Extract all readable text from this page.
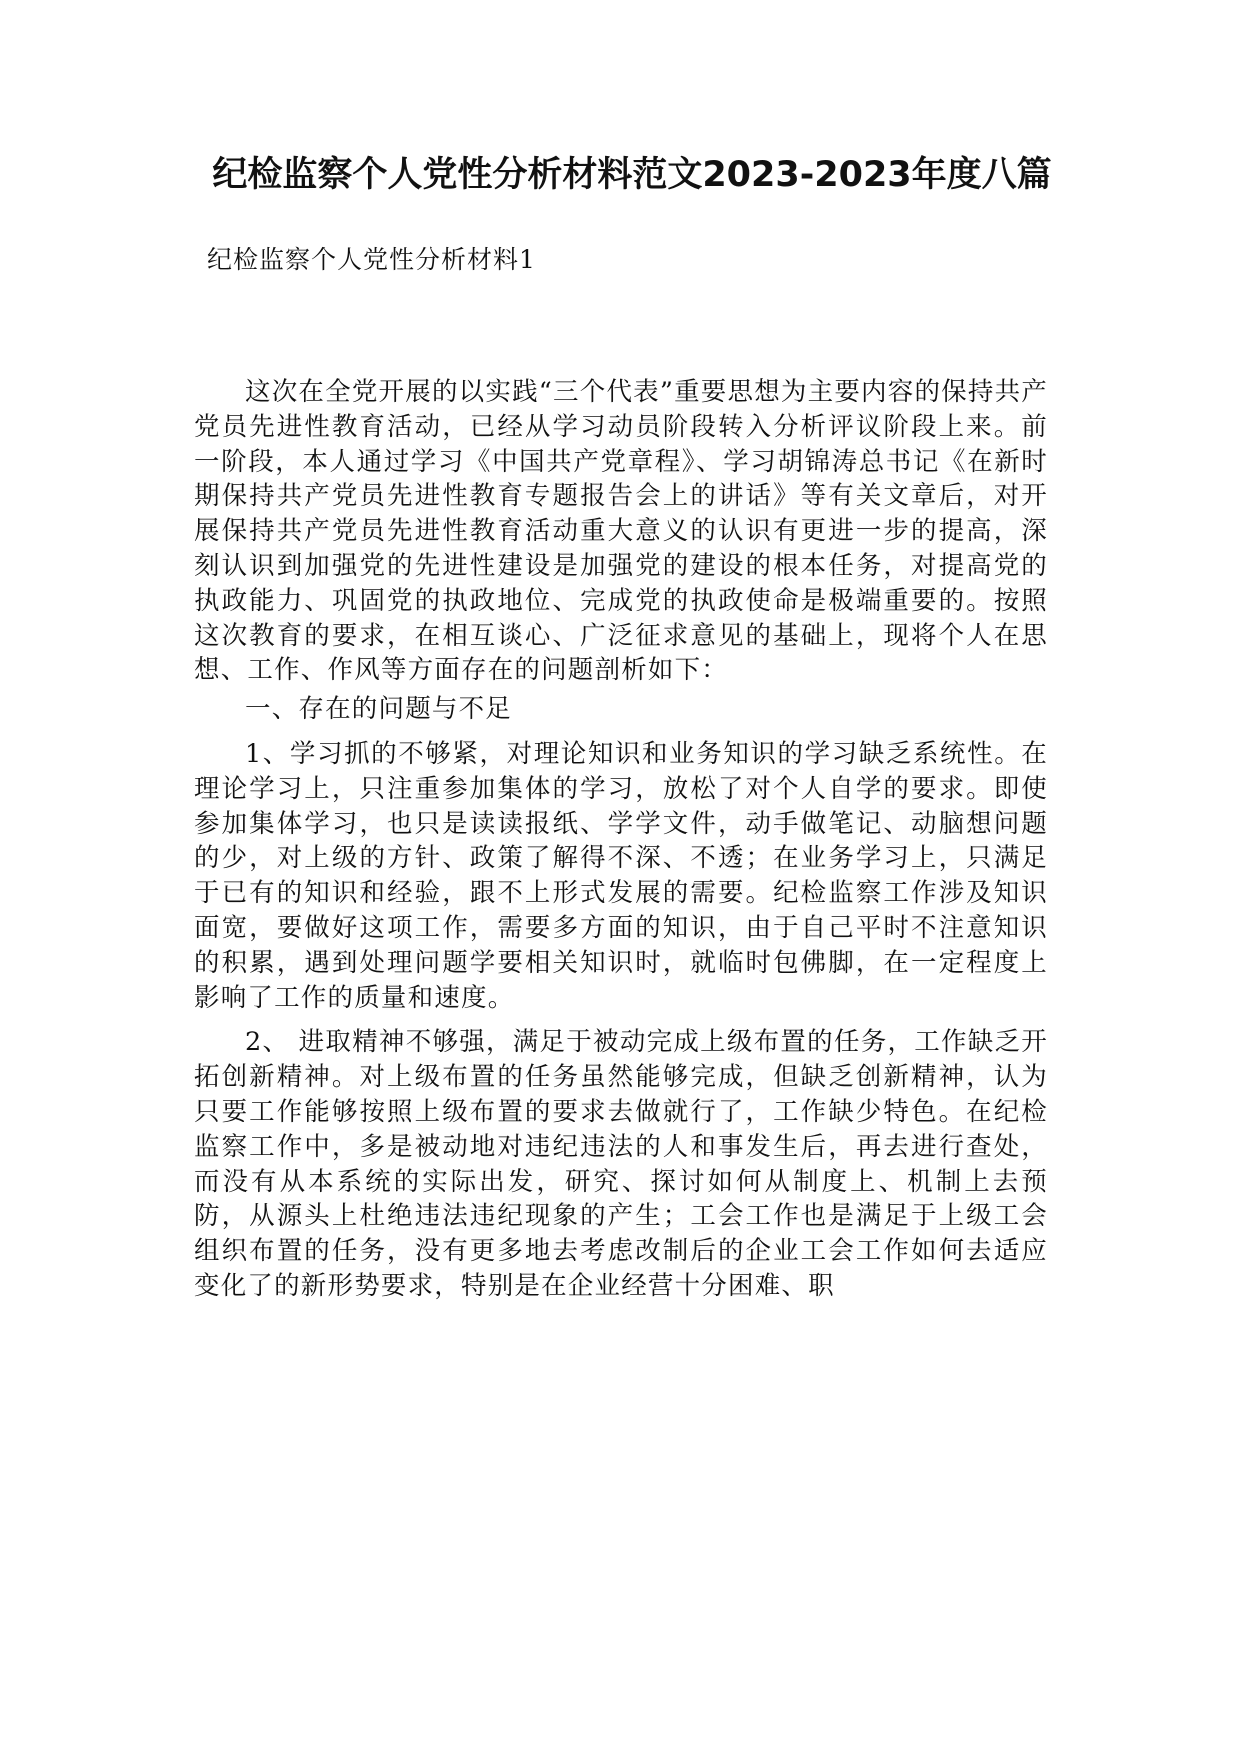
纪检监察个人党性分析材料范文2023-2023年度八篇
纪检监察个人党性分析材料1

这次在全党开展的以实践“三个代表”重要思想为主要内容的保持共产党员先进性教育活动，已经从学习动员阶段转入分析评议阶段上来。前一阶段，本人通过学习《中国共产党章程》、学习胡锦涛总书记《在新时期保持共产党员先进性教育专题报告会上的讲话》等有关文章后，对开展保持共产党员先进性教育活动重大意义的认识有更进一步的提高，深刻认识到加强党的先进性建设是加强党的建设的根本任务，对提高党的执政能力、巩固党的执政地位、完成党的执政使命是极端重要的。按照这次教育的要求，在相互谈心、广泛征求意见的基础上，现将个人在思想、工作、作风等方面存在的问题剖析如下：

一、存在的问题与不足

1、学习抓的不够紧，对理论知识和业务知识的学习缺乏系统性。在理论学习上，只注重参加集体的学习，放松了对个人自学的要求。即使参加集体学习，也只是读读报纸、学学文件，动手做笔记、动脑想问题的少，对上级的方针、政策了解得不深、不透；在业务学习上，只满足于已有的知识和经验，跟不上形式发展的需要。纪检监察工作涉及知识面宽，要做好这项工作，需要多方面的知识，由于自己平时不注意知识的积累，遇到处理问题学要相关知识时，就临时包佛脚，在一定程度上影响了工作的质量和速度。

2、 进取精神不够强，满足于被动完成上级布置的任务，工作缺乏开拓创新精神。对上级布置的任务虽然能够完成，但缺乏创新精神，认为只要工作能够按照上级布置的要求去做就行了，工作缺少特色。在纪检监察工作中，多是被动地对违纪违法的人和事发生后，再去进行查处，而没有从本系统的实际出发，研究、探讨如何从制度上、机制上去预防，从源头上杜绝违法违纪现象的产生；工会工作也是满足于上级工会组织布置的任务，没有更多地去考虑改制后的企业工会工作如何去适应变化了的新形势要求，特别是在企业经营十分困难、职
